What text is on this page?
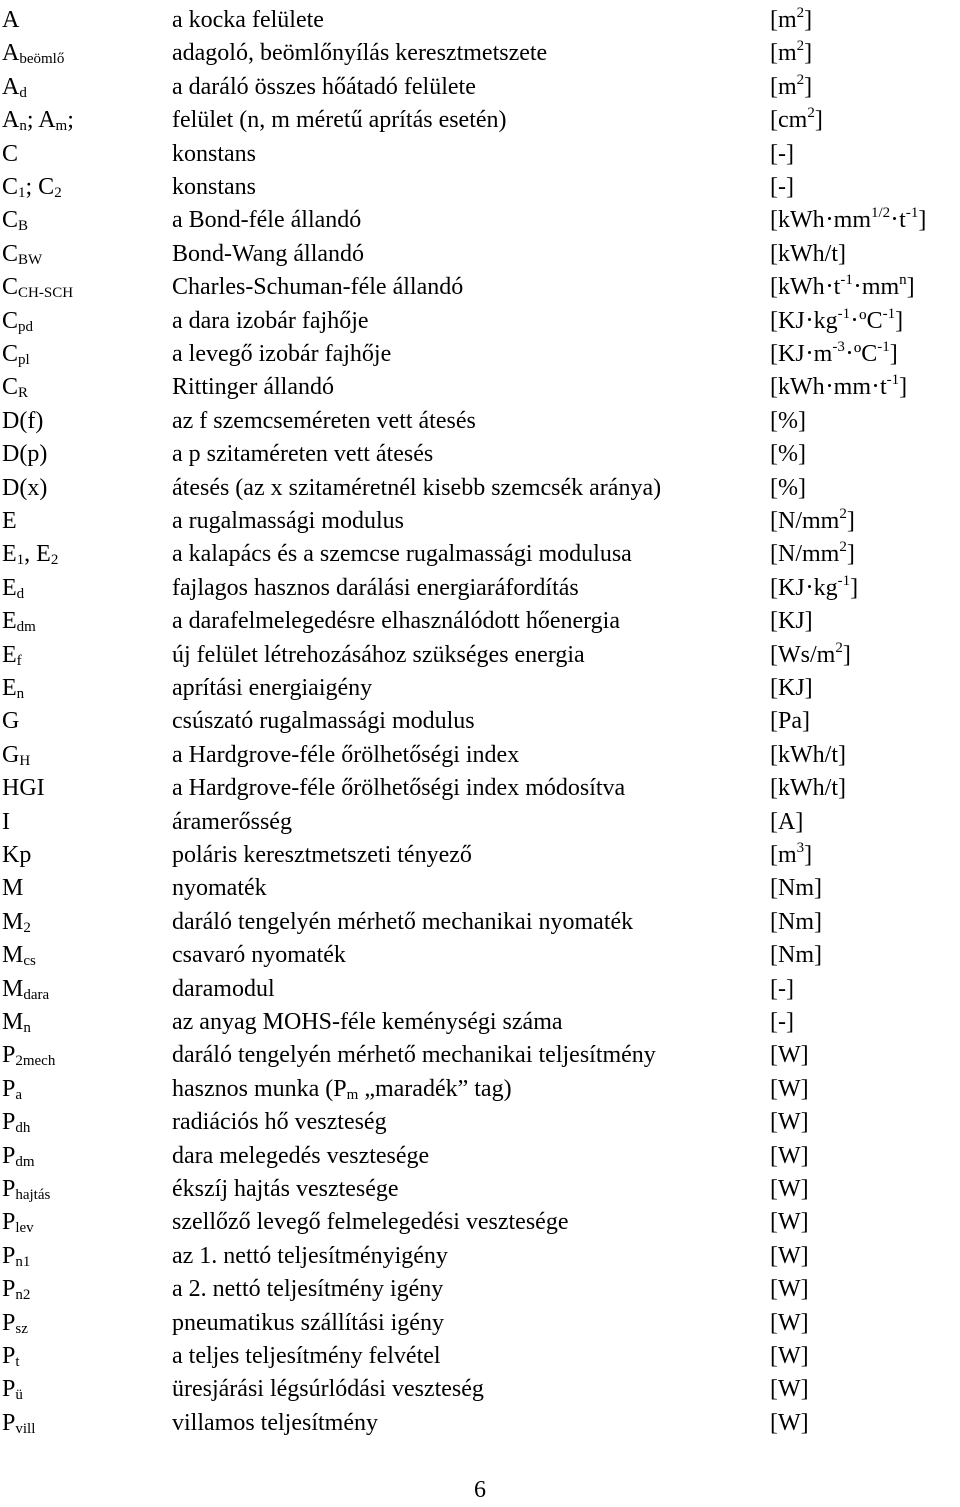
A	a kocka felülete	$[m^2]$
$A_{beömlő}$	adagoló, beömlőnyílás keresztmetszete	$[m^2]$
$A_d$	a daráló összes hőátadó felülete	$[m^2]$
$A_n$; $A_m$;	felület (n, m méretű aprítás esetén)	$[cm^2]$
C	konstans	[-]
$C_1$; $C_2$	konstans	[-]
$C_B$	a Bond-féle állandó	[kWh $mm^{1/2}$ $t^{-1}$]
$C_{BW}$	Bond-Wang állandó	[kWh/t]
$C_{CH-SCH}$	Charles-Schuman-féle állandó	[kWh $t^{-1}$ $mm^n$]
$C_{pd}$	a dara izobár fajhője	[KJ $kg^{-1}$ ºC$^{-1}$]
$C_{pl}$	a levegő izobár fajhője	[KJ $m^{-3}$ ºC$^{-1}$]
$C_R$	Rittinger állandó	[kWh mm $t^{-1}$]
D(f)	az f szemcseméreten vett átesés	[%]
D(p)	a p szitaméreten vett átesés	[%]
D(x)	átesés (az x szitaméretnél kisebb szemcsék aránya)	[%]
E	a rugalmassági modulus	$[N/mm^2]$
$E_1$, $E_2$	a kalapács és a szemcse rugalmassági modulusa	$[N/mm^2]$
$E_d$	fajlagos hasznos darálási energiaráfordítás	[KJ $kg^{-1}$]
$E_{dm}$	a darafelmelegedésre elhasználódott hőenergia	[KJ]
$E_f$	új felület létrehozásához szükséges energia	$[Ws/m^2]$
$E_n$	aprítási energiaigény	[KJ]
G	csúszató rugalmassági modulus	[Pa]
$G_H$	a Hardgrove-féle őrölhetőségi index	[kWh/t]
HGI	a Hardgrove-féle őrölhetőségi index módosítva	[kWh/t]
I	áramerősség	[A]
Kp	poláris keresztmetszeti tényező	$[m^3]$
M	nyomaték	[Nm]
$M_2$	daráló tengelyén mérhető mechanikai nyomaték	[Nm]
$M_{cs}$	csavaró nyomaték	[Nm]
$M_{dara}$	daramodul	[-]
$M_n$	az anyag MOHS-féle keménységi száma	[-]
$P_{2mech}$	daráló tengelyén mérhető mechanikai teljesítmény	[W]
$P_a$	hasznos munka ($P_m$ „maradék” tag)	[W]
$P_{dh}$	radiációs hő veszteség	[W]
$P_{dm}$	dara melegedés vesztesége	[W]
$P_{hajtás}$	ékszíj hajtás vesztesége	[W]
$P_{lev}$	szellőző levegő felmelegedési vesztesége	[W]
$P_{n1}$	az 1. nettó teljesítményigény	[W]
$P_{n2}$	a 2. nettó teljesítmény igény	[W]
$P_{sz}$	pneumatikus szállítási igény	[W]
$P_t$	a teljes teljesítmény felvétel	[W]
$P_ü$	üresjárási légsúrlódási veszteség	[W]
$P_{vill}$	villamos teljesítmény	[W]
6
